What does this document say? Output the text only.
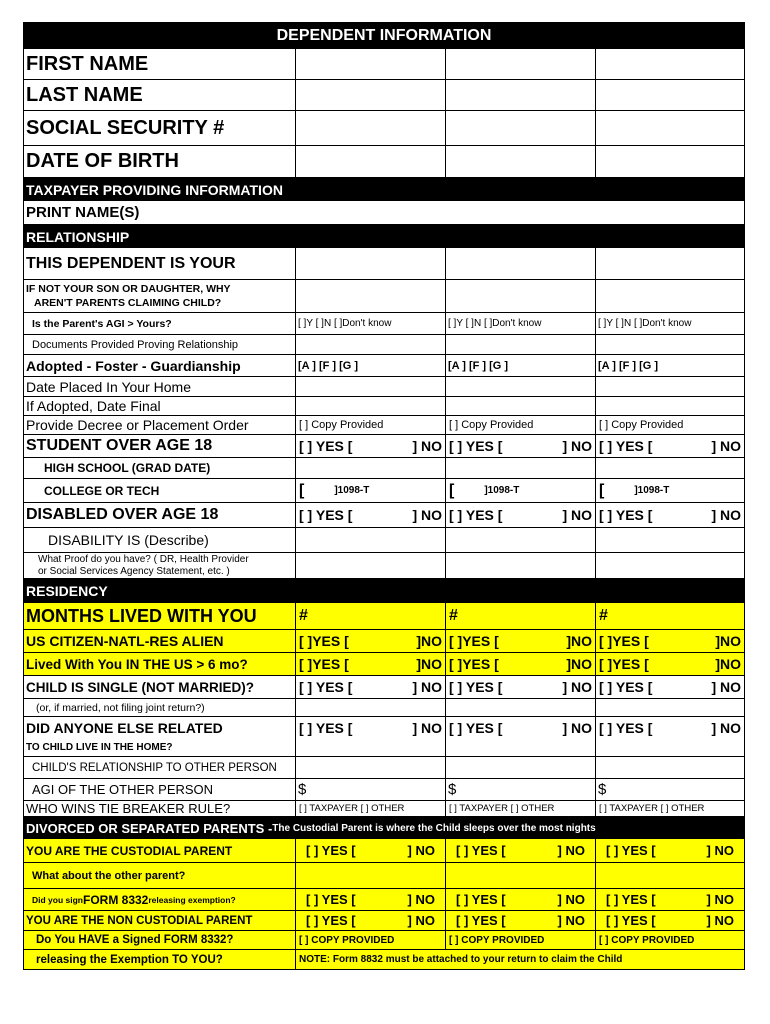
DEPENDENT INFORMATION
FIRST NAME
LAST NAME
SOCIAL SECURITY #
DATE OF BIRTH
TAXPAYER PROVIDING INFORMATION
PRINT NAME(S)
RELATIONSHIP
THIS DEPENDENT IS YOUR
IF NOT YOUR SON OR DAUGHTER, WHY
AREN'T PARENTS CLAIMING CHILD?
Is the Parent's AGI > Yours?	[ ]Y [ ]N [ ]Don't know	[ ]Y [ ]N [ ]Don't know	[ ]Y [ ]N [ ]Don't know
Documents Provided Proving Relationship
Adopted - Foster - Guardianship	[A ] [F ] [G ]	[A ] [F ] [G ]	[A ] [F ] [G ]
Date Placed In Your Home
If Adopted, Date Final
Provide Decree or Placement Order	[ ] Copy Provided	[ ] Copy Provided	[ ] Copy Provided
STUDENT OVER AGE 18	[ ] YES [	] NO [ ] YES [	] NO [ ] YES [	] NO
HIGH SCHOOL (GRAD DATE)
COLLEGE OR TECH	[	]1098-T	[	]1098-T	[	]1098-T
DISABLED OVER AGE 18	[ ] YES [	] NO [ ] YES [	] NO [ ] YES [	] NO
DISABILITY IS (Describe)
What Proof do you have? ( DR, Health Provider
or Social Services Agency Statement, etc. )
RESIDENCY
MONTHS LIVED WITH YOU	#	#	#
US CITIZEN-NATL-RES ALIEN	[ ]YES [	]NO [ ]YES [	]NO [ ]YES [	]NO
Lived With You IN THE US > 6 mo?	[ ]YES [	]NO [ ]YES [	]NO [ ]YES [	]NO
CHILD IS SINGLE (NOT MARRIED)?	[ ] YES [	] NO [ ] YES [	] NO [ ] YES [	] NO
(or, if married, not filing joint return?)
DID ANYONE ELSE RELATED
TO CHILD LIVE IN THE HOME?
[ ] YES [	] NO [ ] YES [	] NO [ ] YES [	] NO
CHILD'S RELATIONSHIP TO OTHER PERSON
AGI OF THE OTHER PERSON	$	$	$
WHO WINS TIE BREAKER RULE?	[ ] TAXPAYER [ ] OTHER	[ ] TAXPAYER [ ] OTHER	[ ] TAXPAYER [ ] OTHER
DIVORCED OR SEPARATED PARENTS - The Custodial Parent is where the Child sleeps over the most nights
YOU ARE THE CUSTODIAL PARENT	[ ] YES [	] NO [ ] YES [	] NO [ ] YES [	] NO
What about the other parent?
Did you sign FORM 8332 releasing exemption?	[ ] YES [	] NO [ ] YES [	] NO [ ] YES [	] NO
YOU ARE THE NON CUSTODIAL PARENT	[ ] YES [	] NO [ ] YES [	] NO [ ] YES [	] NO
Do You HAVE a Signed FORM 8332?	[ ] COPY PROVIDED	[ ] COPY PROVIDED	[ ] COPY PROVIDED
releasing the Exemption TO YOU?	NOTE: Form 8832 must be attached to your return to claim the Child
